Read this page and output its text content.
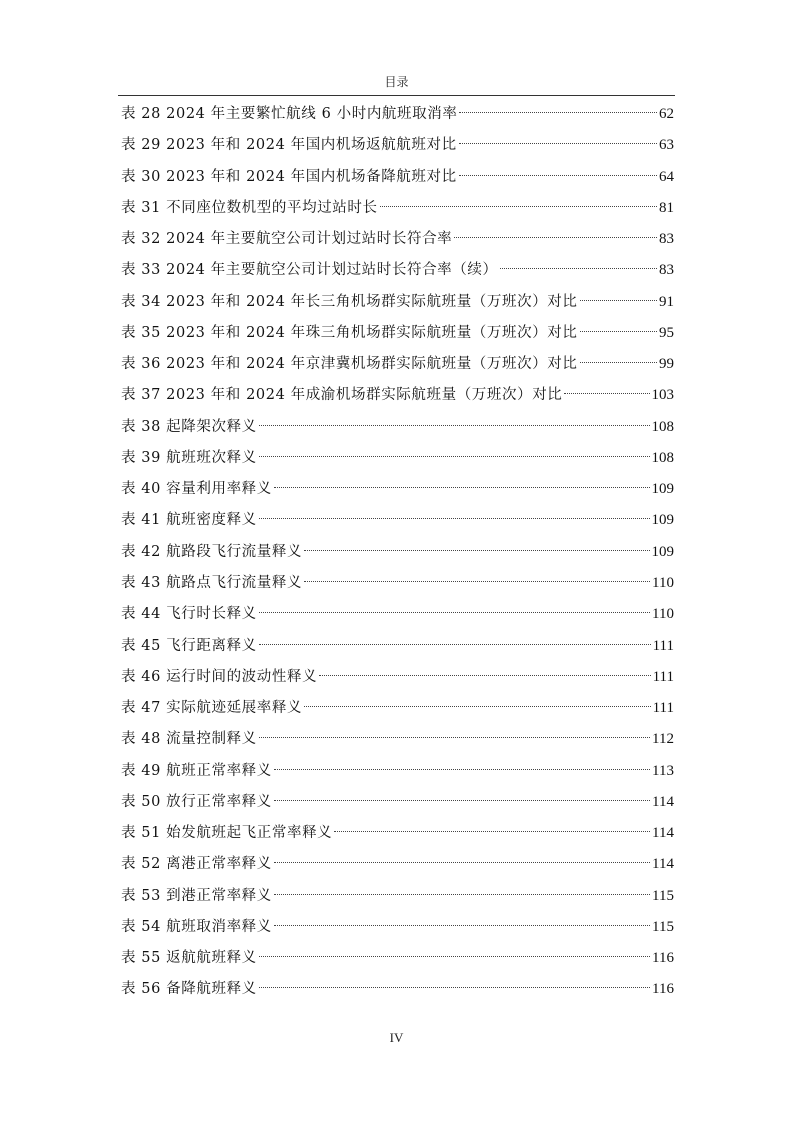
目录
表 28 2024 年主要繁忙航线 6 小时内航班取消率	62
表 29 2023 年和 2024 年国内机场返航航班对比	63
表 30 2023 年和 2024 年国内机场备降航班对比	64
表 31 不同座位数机型的平均过站时长	81
表 32 2024 年主要航空公司计划过站时长符合率	83
表 33 2024 年主要航空公司计划过站时长符合率（续）	83
表 34 2023 年和 2024 年长三角机场群实际航班量（万班次）对比	91
表 35 2023 年和 2024 年珠三角机场群实际航班量（万班次）对比	95
表 36 2023 年和 2024 年京津冀机场群实际航班量（万班次）对比	99
表 37 2023 年和 2024 年成渝机场群实际航班量（万班次）对比	103
表 38 起降架次释义	108
表 39 航班班次释义	108
表 40 容量利用率释义	109
表 41 航班密度释义	109
表 42 航路段飞行流量释义	109
表 43 航路点飞行流量释义	110
表 44 飞行时长释义	110
表 45 飞行距离释义	111
表 46 运行时间的波动性释义	111
表 47 实际航迹延展率释义	111
表 48 流量控制释义	112
表 49 航班正常率释义	113
表 50 放行正常率释义	114
表 51 始发航班起飞正常率释义	114
表 52 离港正常率释义	114
表 53 到港正常率释义	115
表 54 航班取消率释义	115
表 55 返航航班释义	116
表 56 备降航班释义	116
IV
